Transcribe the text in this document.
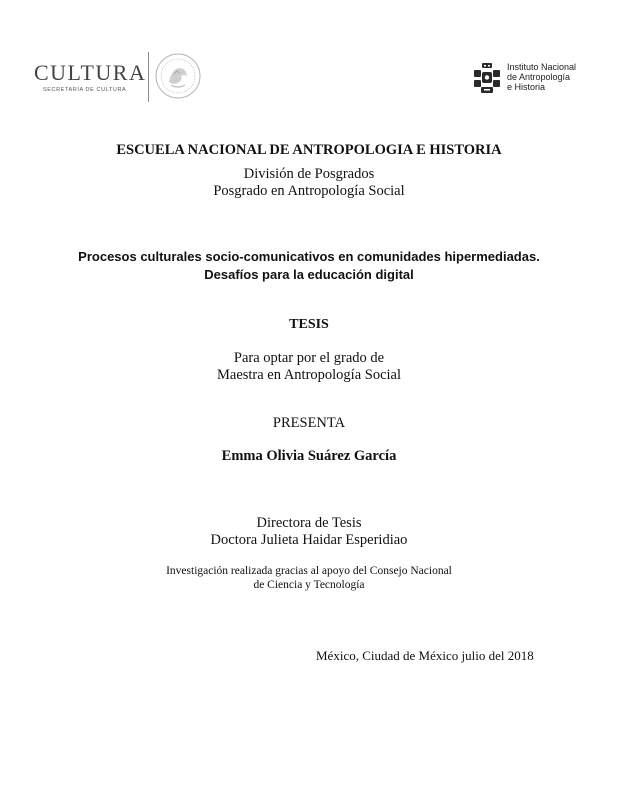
CULTURA
SECRETARÍA DE CULTURA
Instituto Nacional
de Antropología
e Historia
ESCUELA NACIONAL DE ANTROPOLOGIA E HISTORIA
División de Posgrados
Posgrado en Antropología Social
Procesos culturales socio-comunicativos en comunidades hipermediadas.
Desafíos para la educación digital
TESIS
Para optar por el grado de
Maestra en Antropología Social
PRESENTA
Emma Olivia Suárez García
Directora de Tesis
Doctora Julieta Haidar Esperidiao
Investigación realizada gracias al apoyo del Consejo Nacional
de Ciencia y Tecnología
México, Ciudad de México julio del 2018
